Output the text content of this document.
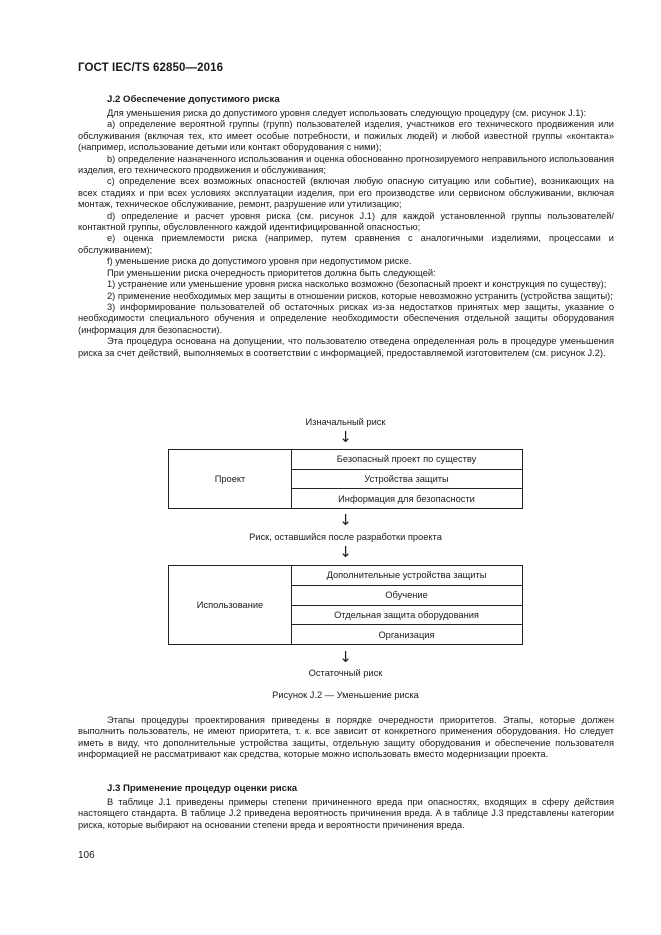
ГОСТ IEC/TS 62850—2016
J.2 Обеспечение допустимого риска

Для уменьшения риска до допустимого уровня следует использовать следующую процедуру (см. рисунок J.1):

a) определение вероятной группы (групп) пользователей изделия, участников его технического продвижения или обслуживания (включая тех, кто имеет особые потребности, и пожилых людей) и любой известной группы «контакта» (например, использование детьми или контакт оборудования с ними);

b) определение назначенного использования и оценка обоснованно прогнозируемого неправильного использования изделия, его технического продвижения и обслуживания;

c) определение всех возможных опасностей (включая любую опасную ситуацию или событие), возникающих на всех стадиях и при всех условиях эксплуатации изделия, при его производстве или сервисном обслуживании, включая монтаж, техническое обслуживание, ремонт, разрушение или утилизацию;

d) определение и расчет уровня риска (см. рисунок J.1) для каждой установленной группы пользователей/контактной группы, обусловленного каждой идентифицированной опасностью;

e) оценка приемлемости риска (например, путем сравнения с аналогичными изделиями, процессами и обслуживанием);

f) уменьшение риска до допустимого уровня при недопустимом риске.

При уменьшении риска очередность приоритетов должна быть следующей:

1) устранение или уменьшение уровня риска насколько возможно (безопасный проект и конструкция по существу);

2) применение необходимых мер защиты в отношении рисков, которые невозможно устранить (устройства защиты);

3) информирование пользователей об остаточных рисках из-за недостатков принятых мер защиты, указание о необходимости специального обучения и определение необходимости обеспечения отдельной защиты оборудования (информация для безопасности).

Эта процедура основана на допущении, что пользователю отведена определенная роль в процедуре уменьшения риска за счет действий, выполняемых в соответствии с информацией, предоставляемой изготовителем (см. рисунок J.2).

Изначальный риск
↓
Проект
Безопасный проект по существу
Устройства защиты
Информация для безопасности
↓
Риск, оставшийся после разработки проекта
↓
Использование
Дополнительные устройства защиты
Обучение
Отдельная защита оборудования
Организация
↓
Остаточный риск
Рисунок J.2 — Уменьшение риска

Этапы процедуры проектирования приведены в порядке очередности приоритетов. Этапы, которые должен выполнить пользователь, не имеют приоритета, т. к. все зависит от конкретного применения оборудования. Но следует иметь в виду, что дополнительные устройства защиты, отдельную защиту оборудования и обеспечение пользователя информацией не рассматривают как средства, которые можно использовать вместо модернизации проекта.

J.3 Применение процедур оценки риска

В таблице J.1 приведены примеры степени причиненного вреда при опасностях, входящих в сферу действия настоящего стандарта. В таблице J.2 приведена вероятность причинения вреда. А в таблице J.3 представлены категории риска, которые выбирают на основании степени вреда и вероятности причинения вреда.

106
